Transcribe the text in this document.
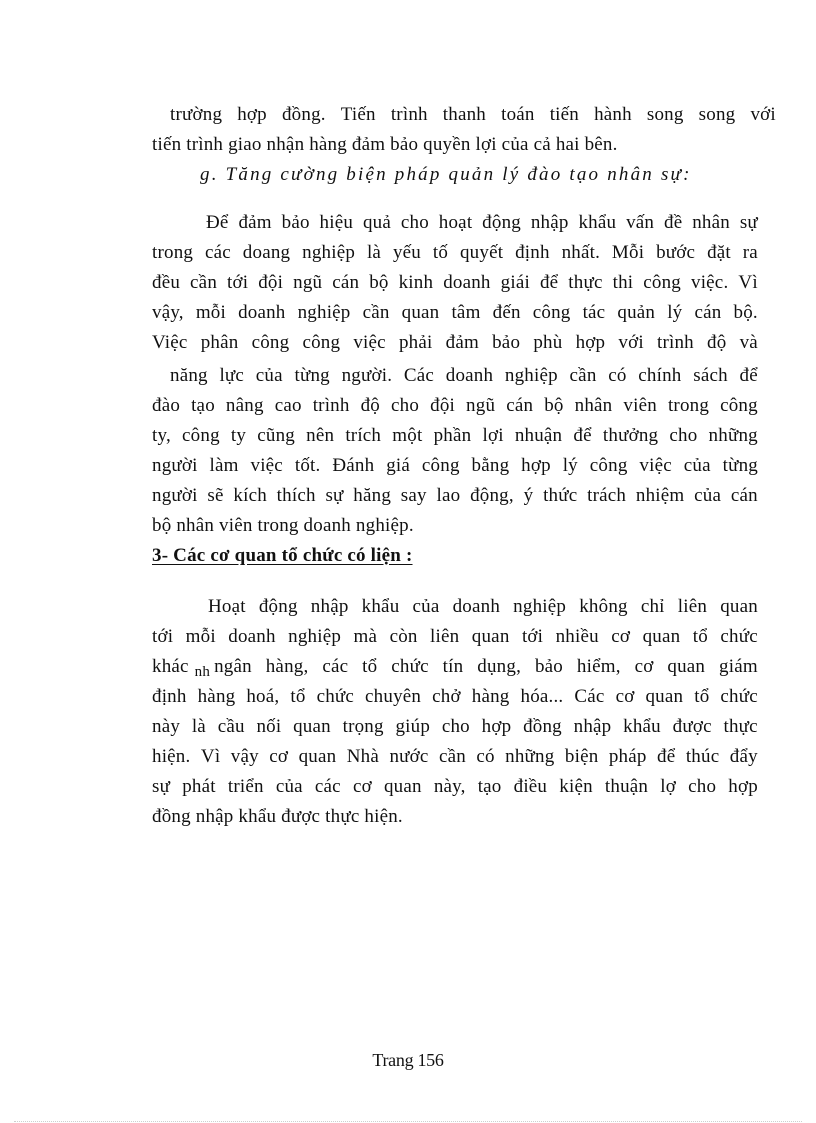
trường hợp đồng. Tiến trình thanh toán tiến hành song song với
tiến trình giao nhận hàng đảm bảo quyền lợi của cả hai bên.
g. Tăng cường biện pháp quản lý đào tạo nhân sự:
Để đảm bảo hiệu quả cho hoạt động nhập khẩu vấn đề nhân sự
trong các doang nghiệp là yếu tố quyết định nhất. Mỗi bước đặt ra
đều cần tới đội ngũ cán bộ kinh doanh giái để thực thi công việc. Vì
vậy, mỗi doanh nghiệp cần quan tâm đến công tác quản lý cán bộ.
Việc phân công công việc phải đảm bảo phù hợp với trình độ và
năng lực của từng người. Các doanh nghiệp cần có chính sách để
đào tạo nâng cao trình độ cho đội ngũ cán bộ nhân viên trong công
ty, công ty cũng nên trích một phần lợi nhuận để thưởng cho những
người làm việc tốt. Đánh giá công bằng hợp lý công việc của từng
người sẽ kích thích sự hăng say lao động, ý thức trách nhiệm của cán
bộ nhân viên trong doanh nghiệp.
3- Các cơ quan tổ chức có liện :
Hoạt động nhập khẩu của doanh nghiệp không chỉ liên quan
tới mỗi doanh nghiệp mà còn liên quan tới nhiều cơ quan tổ chức
khác nh ngân hàng, các tổ chức tín dụng, bảo hiểm, cơ quan giám
định hàng hoá, tổ chức chuyên chở hàng hóa... Các cơ quan tổ chức
này là cầu nối quan trọng giúp cho hợp đồng nhập khẩu được thực
hiện. Vì vậy cơ quan Nhà nước cần có những biện pháp để thúc đẩy
sự phát triển của các cơ quan này, tạo điều kiện thuận lợ cho hợp
đồng nhập khẩu được thực hiện.
Trang 156
